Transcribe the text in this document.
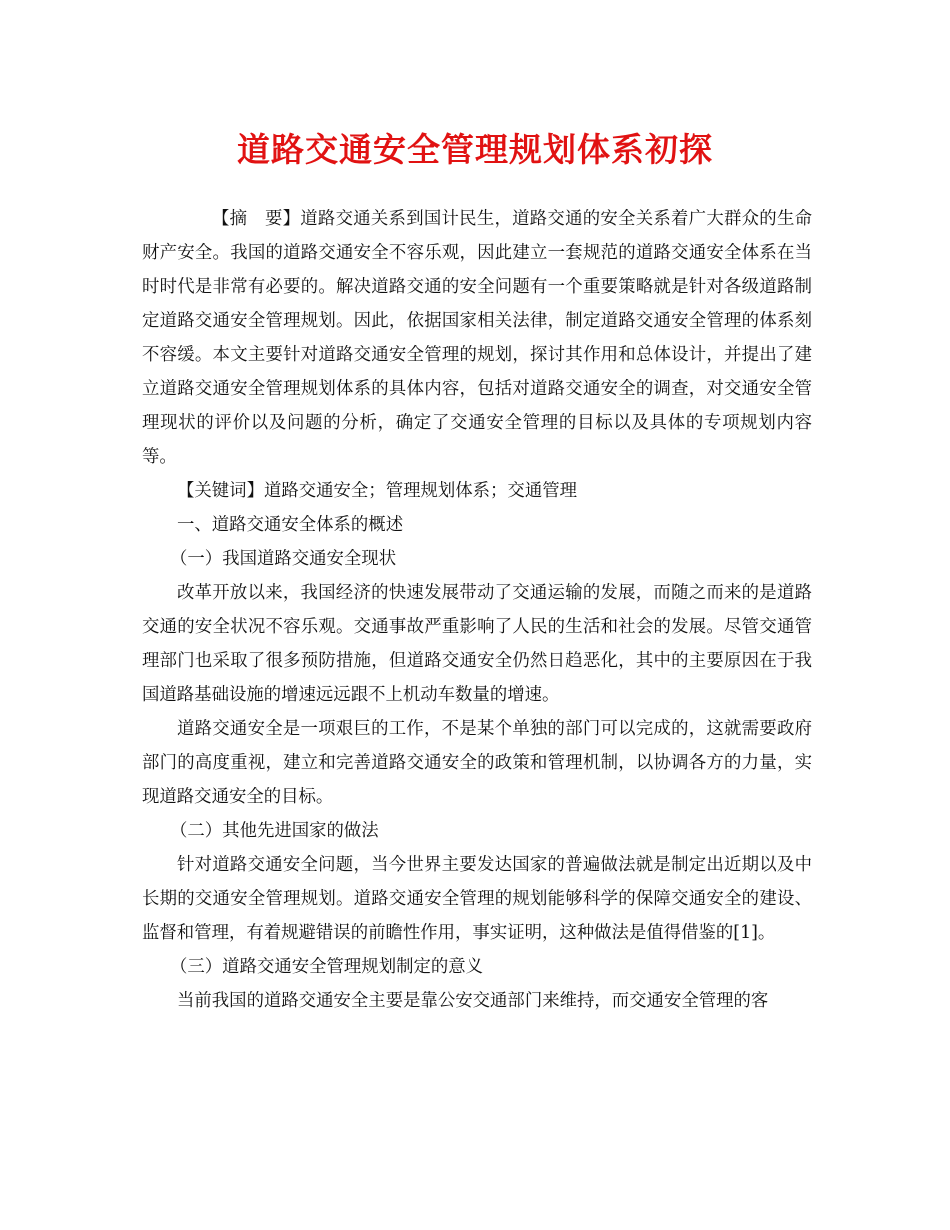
道路交通安全管理规划体系初探

【摘　要】道路交通关系到国计民生，道路交通的安全关系着广大群众的生命财产安全。我国的道路交通安全不容乐观，因此建立一套规范的道路交通安全体系在当时时代是非常有必要的。解决道路交通的安全问题有一个重要策略就是针对各级道路制定道路交通安全管理规划。因此，依据国家相关法律，制定道路交通安全管理的体系刻不容缓。本文主要针对道路交通安全管理的规划，探讨其作用和总体设计，并提出了建立道路交通安全管理规划体系的具体内容，包括对道路交通安全的调查，对交通安全管理现状的评价以及问题的分析，确定了交通安全管理的目标以及具体的专项规划内容等。

【关键词】道路交通安全；管理规划体系；交通管理

一、道路交通安全体系的概述

（一）我国道路交通安全现状

改革开放以来，我国经济的快速发展带动了交通运输的发展，而随之而来的是道路交通的安全状况不容乐观。交通事故严重影响了人民的生活和社会的发展。尽管交通管理部门也采取了很多预防措施，但道路交通安全仍然日趋恶化，其中的主要原因在于我国道路基础设施的增速远远跟不上机动车数量的增速。

道路交通安全是一项艰巨的工作，不是某个单独的部门可以完成的，这就需要政府部门的高度重视，建立和完善道路交通安全的政策和管理机制，以协调各方的力量，实现道路交通安全的目标。

（二）其他先进国家的做法

针对道路交通安全问题，当今世界主要发达国家的普遍做法就是制定出近期以及中长期的交通安全管理规划。道路交通安全管理的规划能够科学的保障交通安全的建设、监督和管理，有着规避错误的前瞻性作用，事实证明，这种做法是值得借鉴的[1]。

（三）道路交通安全管理规划制定的意义

当前我国的道路交通安全主要是靠公安交通部门来维持，而交通安全管理的客
